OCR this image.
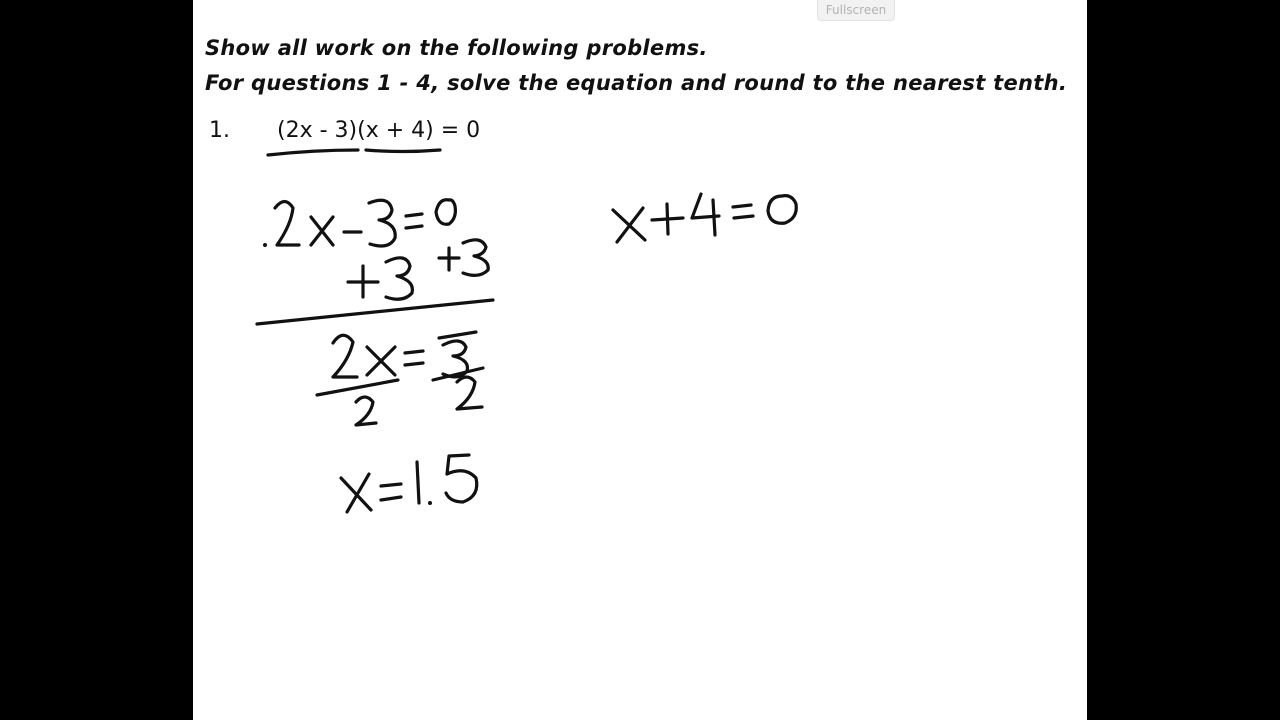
Fullscreen
Show all work on the following problems.
For questions 1 - 4, solve the equation and round to the nearest tenth.
1. (2x - 3)(x + 4) = 0
